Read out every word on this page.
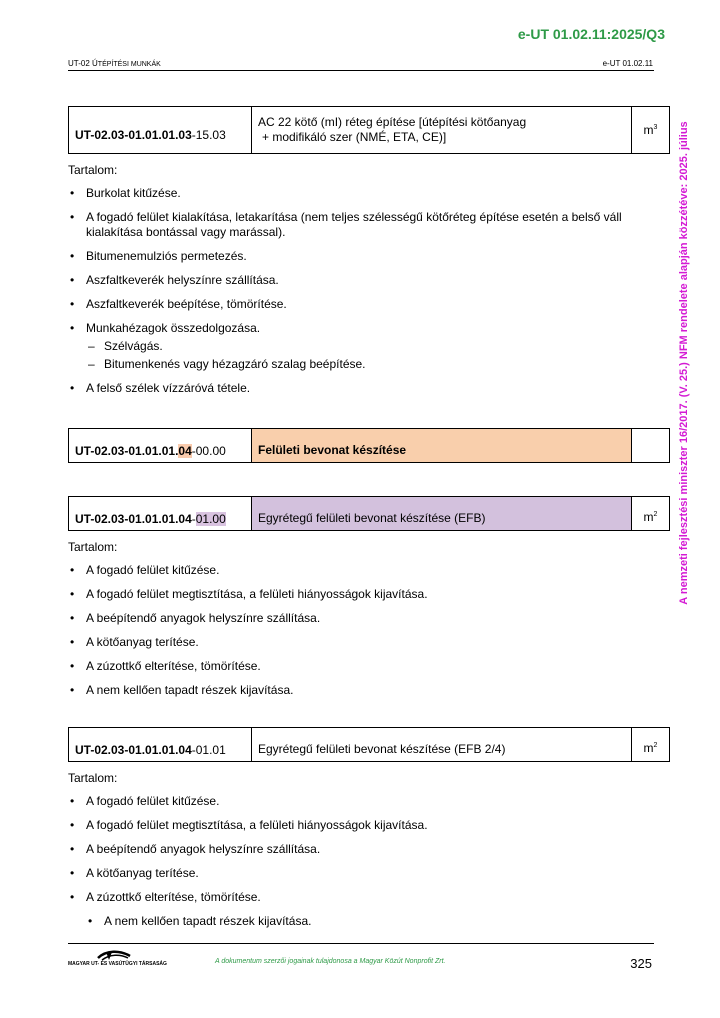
e-UT 01.02.11:2025/Q3
UT-02 ÚTÉPÍTÉSI MUNKÁK	e-UT 01.02.11
A nemzeti fejlesztési miniszter 16/2017. (V. 25.) NFM rendelete alapján közzétéve: 2025. július
UT-02.03-01.01.01.03-15.03	
AC 22 kötő (mI) réteg építése [útépítési kötőanyag
+ modifikáló szer (NMÉ, ETA, CE)]	$m^3$
Tartalom:
• Burkolat kitűzése.
• A fogadó felület kialakítása, letakarítása (nem teljes szélességű kötőréteg építése esetén a belső váll kialakítása bontással vagy marással).
• Bitumenemulziós permetezés.
• Aszfaltkeverék helyszínre szállítása.
• Aszfaltkeverék beépítése, tömörítése.
• Munkahézagok összedolgozása.
– Szélvágás.
– Bitumenkenés vagy hézagzáró szalag beépítése.
• A felső szélek vízzáróvá tétele.
UT-02.03-01.01.01.04-00.00	Felületi bevonat készítése	
UT-02.03-01.01.01.04-01.00	Egyrétegű felületi bevonat készítése (EFB)	$m^2$
Tartalom:
• A fogadó felület kitűzése.
• A fogadó felület megtisztítása, a felületi hiányosságok kijavítása.
• A beépítendő anyagok helyszínre szállítása.
• A kötőanyag terítése.
• A zúzottkő elterítése, tömörítése.
• A nem kellően tapadt részek kijavítása.
UT-02.03-01.01.01.04-01.01	Egyrétegű felületi bevonat készítése (EFB 2/4)	$m^2$
Tartalom:
• A fogadó felület kitűzése.
• A fogadó felület megtisztítása, a felületi hiányosságok kijavítása.
• A beépítendő anyagok helyszínre szállítása.
• A kötőanyag terítése.
• A zúzottkő elterítése, tömörítése.
• A nem kellően tapadt részek kijavítása.
MAGYAR UT- ÉS VASÚTÜGYI TÁRSASÁG	A dokumentum szerzői jogainak tulajdonosa a Magyar Közút Nonprofit Zrt.	325
